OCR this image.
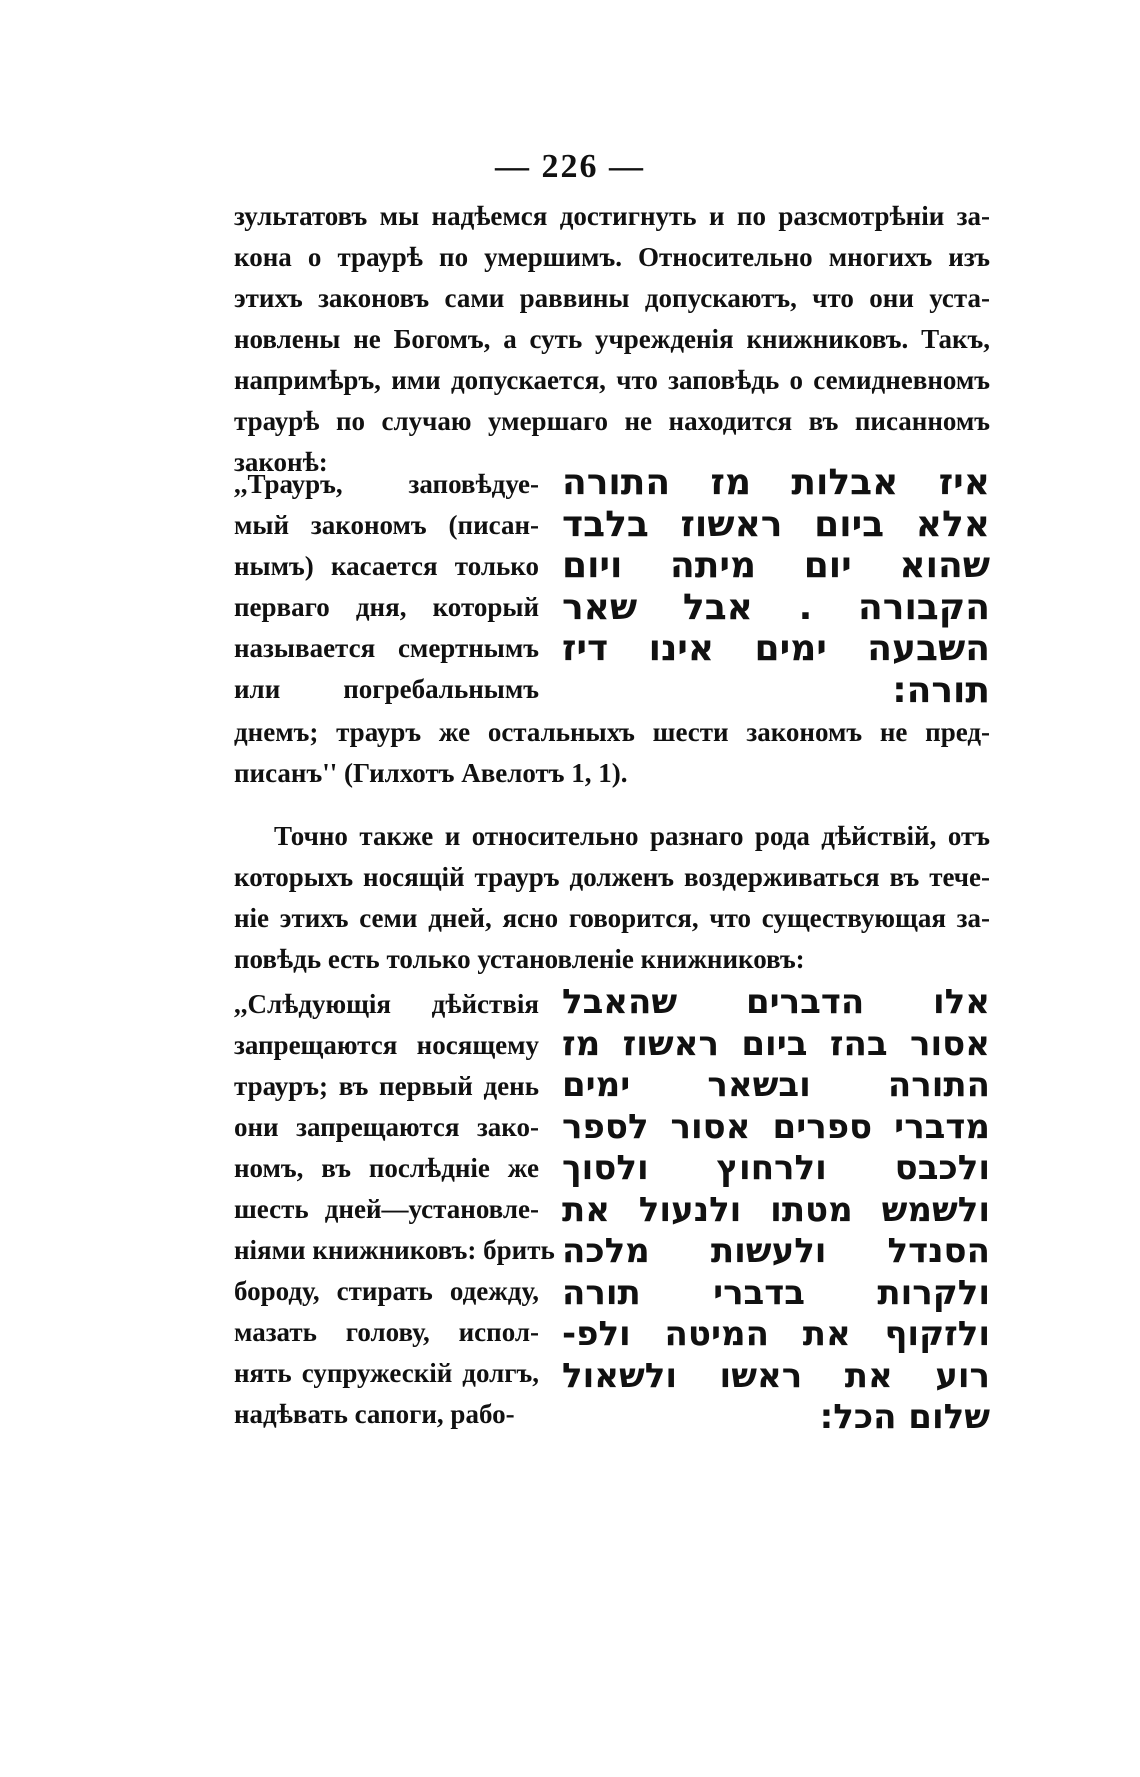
— 226 —
зультатовъ мы надѣемся достигнуть и по разсмотрѣніи за-
кона о траурѣ по умершимъ. Относительно многихъ изъ
этихъ законовъ сами раввины допускаютъ, что они уста-
новлены не Богомъ, а суть учрежденія книжниковъ. Такъ,
напримѣръ, ими допускается, что заповѣдь о семидневномъ
траурѣ по случаю умершаго не находится въ писанномъ
законѣ:
,,Трауръ, заповѣдуе-
мый закономъ (писан-
нымъ) касается только
перваго дня, который
называется смертнымъ
или погребальнымъ
איז אבלות מז התורה
אלא ביום ראשוז בלבד
שהוא יום מיתה ויום
הקבורה . אבל שאר
השבעה ימים אינו דיז
תורה:
днемъ; трауръ же остальныхъ шести закономъ не пред-
писанъ'' (Гилхотъ Авелотъ 1, 1).
Точно также и относительно разнаго рода дѣйствій, отъ
которыхъ носящій трауръ долженъ воздерживаться въ тече-
ніе этихъ семи дней, ясно говорится, что существующая за-
повѣдь есть только установленіе книжниковъ:
,,Слѣдующія дѣйствія
запрещаются носящему
трауръ; въ первый день
они запрещаются зако-
номъ, въ послѣдніе же
шесть дней—установле-
ніями книжниковъ: брить
бороду, стирать одежду,
мазать голову, испол-
нять супружескій долгъ,
надѣвать сапоги, рабо-
אלו הדברים שהאבל
אסור בהז ביום ראשוז מז
התורה ובשאר ימים
מדברי ספרים אסור לספר
ולכבס ולרחוץ ולסוך
ולשמש מטתו ולנעול את
הסנדל ולעשות מלכה
ולקרות בדברי תורה
ולזקוף את המיטה ולפ-
רוע את ראשו ולשאול
שלום הכל:
